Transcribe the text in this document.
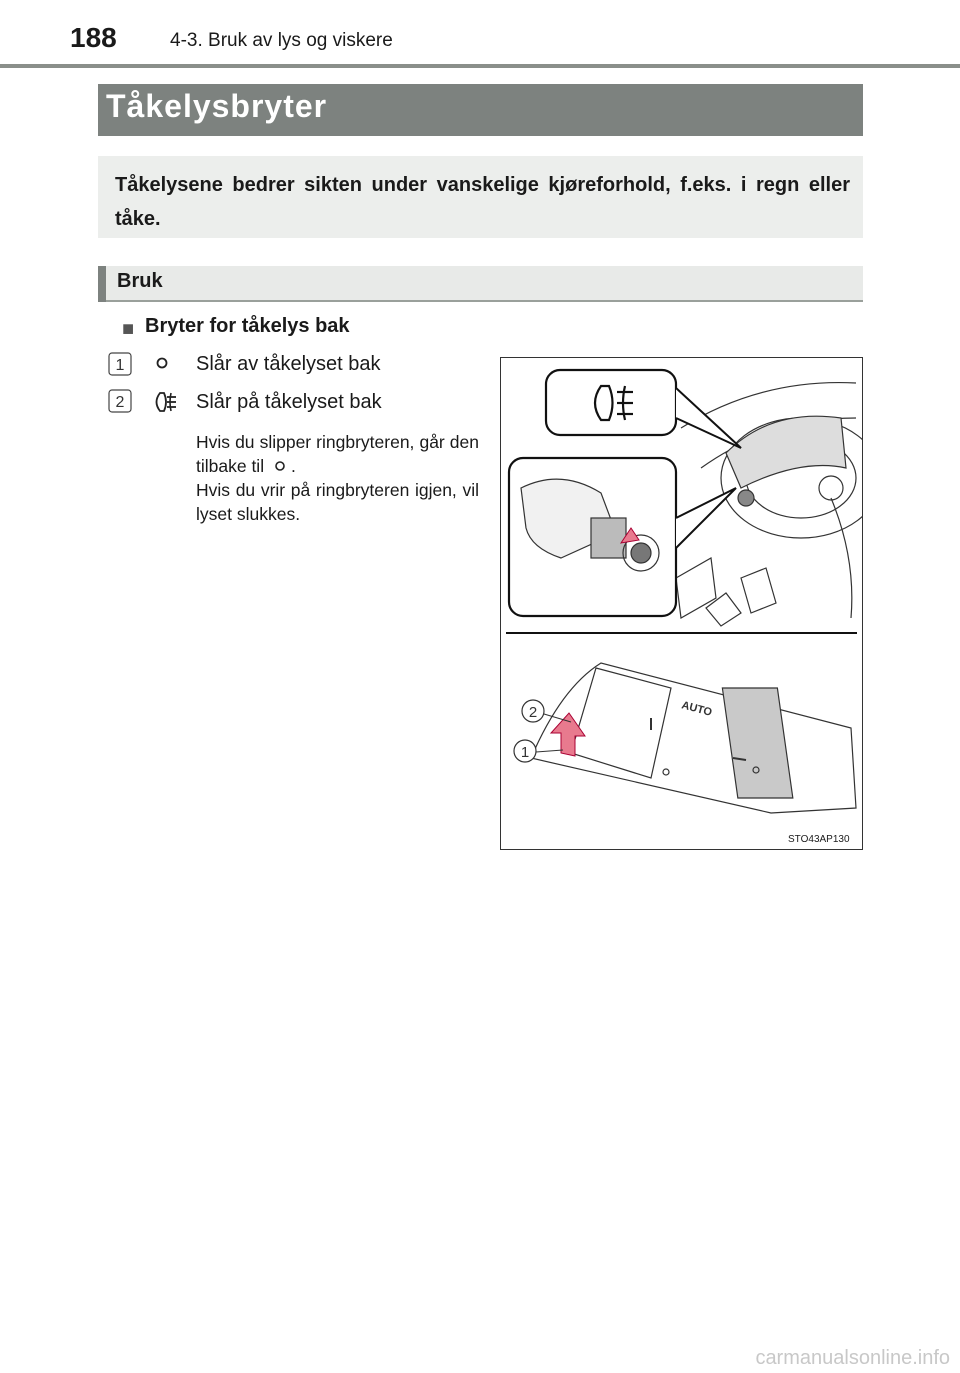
188	4-3. Bruk av lys og viskere
Tåkelysbryter
Tåkelysene bedrer sikten under vanskelige kjøreforhold, f.eks. i regn eller tåke.
Bruk
■ Bryter for tåkelys bak
1	Slår av tåkelyset bak
2	Slår på tåkelyset bak
Hvis du slipper ringbryteren, går den tilbake til .
Hvis du vrir på ringbryteren igjen, vil lyset slukkes.
AUTO
2
1
STO43AP130
carmanualsonline.info
